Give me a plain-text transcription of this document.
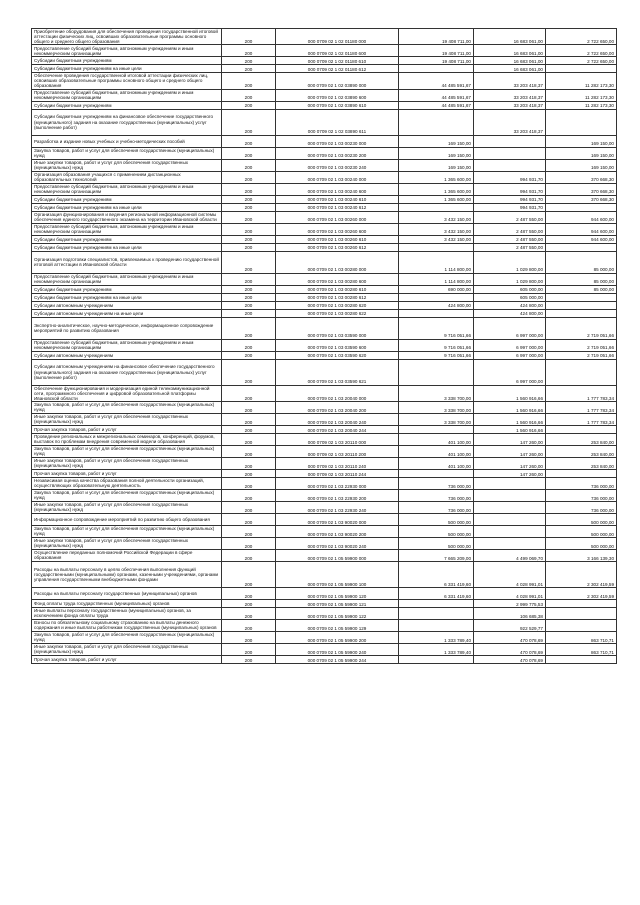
Приобретение оборудования для обеспечения проведения государственной итоговой аттестации физических лиц, освоивших образовательные программы основного общего и среднего общего образования	200	000 0709 02 1 02 01180 000	19 408 711,00	16 683 061,00	2 722 650,00
Предоставление субсидий бюджетным, автономным учреждениям и иным некоммерческим организациям	200	000 0709 02 1 02 01180 600	19 408 711,00	16 683 061,00	2 722 650,00
Субсидии бюджетным учреждениям	200	000 0709 02 1 02 01180 610	19 408 711,00	16 683 061,00	2 722 650,00
Субсидии бюджетным учреждениям на иные цели	200	000 0709 02 1 02 01180 612		16 683 061,00	
Обеспечение проведения государственной итоговой аттестации физических лиц, освоивших образовательные программы основного общего и среднего общего образования	200	000 0709 02 1 02 03890 000	44 485 591,67	33 203 418,37	11 282 173,30
Предоставление субсидий бюджетным, автономным учреждениям и иным некоммерческим организациям	200	000 0709 02 1 02 03890 600	44 485 591,67	33 203 418,37	11 282 173,30
Субсидии бюджетным учреждениям	200	000 0709 02 1 02 03890 610	44 485 591,67	33 203 418,37	11 282 173,30
Субсидии бюджетным учреждениям на финансовое обеспечение государственного (муниципального) задания на оказание государственных (муниципальных) услуг (выполнение работ)	200	000 0709 02 1 02 03890 611		33 203 418,37	
Разработка и издание новых учебных и учебно-методических пособий	200	000 0709 02 1 03 00230 000	169 150,00		169 150,00
Закупка товаров, работ и услуг для обеспечения государственных (муниципальных) нужд	200	000 0709 02 1 03 00230 200	169 150,00		169 150,00
Иные закупки товаров, работ и услуг для обеспечения государственных (муниципальных) нужд	200	000 0709 02 1 03 00230 240	169 150,00		169 150,00
Организация образования учащихся с применением дистанционных образовательных технологий	200	000 0709 02 1 03 00240 000	1 365 600,00	994 931,70	370 668,30
Предоставление субсидий бюджетным, автономным учреждениям и иным некоммерческим организациям	200	000 0709 02 1 03 00240 600	1 365 600,00	994 931,70	370 668,30
Субсидии бюджетным учреждениям	200	000 0709 02 1 03 00240 610	1 365 600,00	994 931,70	370 668,30
Субсидии бюджетным учреждениям на иные цели	200	000 0709 02 1 03 00240 612		994 931,70	
Организация функционирования и ведения региональной информационной системы обеспечения единого государственного экзамена на территории Ивановской области	200	000 0709 02 1 03 00260 000	3 432 150,00	2 487 550,00	944 600,00
Предоставление субсидий бюджетным, автономным учреждениям и иным некоммерческим организациям	200	000 0709 02 1 03 00260 600	3 432 150,00	2 487 550,00	944 600,00
Субсидии бюджетным учреждениям	200	000 0709 02 1 03 00260 610	3 432 150,00	2 487 550,00	944 600,00
Субсидии бюджетным учреждениям на иные цели	200	000 0709 02 1 03 00260 612		2 487 550,00	
Организация подготовки специалистов, привлекаемых к проведению государственной итоговой аттестации в Ивановской области	200	000 0709 02 1 03 00280 000	1 114 800,00	1 029 800,00	85 000,00
Предоставление субсидий бюджетным, автономным учреждениям и иным некоммерческим организациям	200	000 0709 02 1 03 00280 600	1 114 800,00	1 029 800,00	85 000,00
Субсидии бюджетным учреждениям	200	000 0709 02 1 03 00280 610	690 000,00	605 000,00	85 000,00
Субсидии бюджетным учреждениям на иные цели	200	000 0709 02 1 03 00280 612		605 000,00	
Субсидии автономным учреждениям	200	000 0709 02 1 03 00280 620	424 800,00	424 800,00	
Субсидии автономным учреждениям на иные цели	200	000 0709 02 1 03 00280 622		424 800,00	
Экспертно-аналитическое, научно-методическое, информационное сопровождение мероприятий по развитию образования	200	000 0709 02 1 03 03590 000	9 716 051,66	6 997 000,00	2 719 051,66
Предоставление субсидий бюджетным, автономным учреждениям и иным некоммерческим организациям	200	000 0709 02 1 03 03590 600	9 716 051,66	6 997 000,00	2 719 051,66
Субсидии автономным учреждениям	200	000 0709 02 1 03 03590 620	9 716 051,66	6 997 000,00	2 719 051,66
Субсидии автономным учреждениям на финансовое обеспечение государственного (муниципального) задания на оказание государственных (муниципальных) услуг (выполнение работ)	200	000 0709 02 1 03 03590 621		6 997 000,00	
Обеспечение функционирования и модернизация единой телекоммуникационной сети, программного обеспечения и цифровой образовательной платформы Ивановской области	200	000 0709 02 1 03 20040 000	3 338 700,00	1 560 916,66	1 777 783,34
Закупка товаров, работ и услуг для обеспечения государственных (муниципальных) нужд	200	000 0709 02 1 03 20040 200	3 338 700,00	1 560 916,66	1 777 783,34
Иные закупки товаров, работ и услуг для обеспечения государственных (муниципальных) нужд	200	000 0709 02 1 03 20040 240	3 338 700,00	1 560 916,66	1 777 783,34
Прочая закупка товаров, работ и услуг	200	000 0709 02 1 03 20040 244		1 560 916,66	
Проведение региональных и межрегиональных семинаров, конференций, форумов, выставок по проблемам внедрения современной модели образования	200	000 0709 02 1 03 20110 000	401 100,00	147 260,00	253 840,00
Закупка товаров, работ и услуг для обеспечения государственных (муниципальных) нужд	200	000 0709 02 1 03 20110 200	401 100,00	147 260,00	253 840,00
Иные закупки товаров, работ и услуг для обеспечения государственных (муниципальных) нужд	200	000 0709 02 1 03 20110 240	401 100,00	147 260,00	253 840,00
Прочая закупка товаров, работ и услуг	200	000 0709 02 1 03 20110 244		147 260,00	
Независимая оценка качества образования полной деятельности организаций, осуществляющих образовательную деятельность	200	000 0709 02 1 03 22930 000	736 000,00		736 000,00
Закупка товаров, работ и услуг для обеспечения государственных (муниципальных) нужд	200	000 0709 02 1 03 22930 200	736 000,00		736 000,00
Иные закупки товаров, работ и услуг для обеспечения государственных (муниципальных) нужд	200	000 0709 02 1 03 22930 240	736 000,00		736 000,00
Информационное сопровождение мероприятий по развитию общего образования	200	000 0709 02 1 03 90020 000	500 000,00		500 000,00
Закупка товаров, работ и услуг для обеспечения государственных (муниципальных) нужд	200	000 0709 02 1 03 90020 200	500 000,00		500 000,00
Иные закупки товаров, работ и услуг для обеспечения государственных (муниципальных) нужд	200	000 0709 02 1 03 90020 240	500 000,00		500 000,00
Осуществление переданных полномочий Российской Федерации в сфере образования	200	000 0709 02 1 05 59900 000	7 665 209,00	4 499 069,70	3 166 139,30
Расходы на выплаты персоналу в целях обеспечения выполнения функций государственными (муниципальными) органами, казенными учреждениями, органами управления государственными внебюджетными фондами	200	000 0709 02 1 05 59900 100	6 331 419,60	4 028 991,01	2 302 419,59
Расходы на выплаты персоналу государственных (муниципальных) органов	200	000 0709 02 1 05 59900 120	6 331 419,60	4 028 991,01	2 302 419,59
Фонд оплаты труда государственных (муниципальных) органов	200	000 0709 02 1 05 59900 121		2 999 775,53	
Иные выплаты персоналу государственных (муниципальных) органов, за исключением фонда оплаты труда	200	000 0709 02 1 05 59900 122		106 685,38	
Взносы по обязательному социальному страхованию на выплаты денежного содержания и иные выплаты работникам государственных (муниципальных) органов	200	000 0709 02 1 05 59900 129		922 529,77	
Закупка товаров, работ и услуг для обеспечения государственных (муниципальных) нужд	200	000 0709 02 1 05 59900 200	1 333 789,40	470 078,69	863 710,71
Иные закупки товаров, работ и услуг для обеспечения государственных (муниципальных) нужд	200	000 0709 02 1 05 59900 240	1 333 789,40	470 078,69	863 710,71
Прочая закупка товаров, работ и услуг	200	000 0709 02 1 05 59900 244		470 078,69	
